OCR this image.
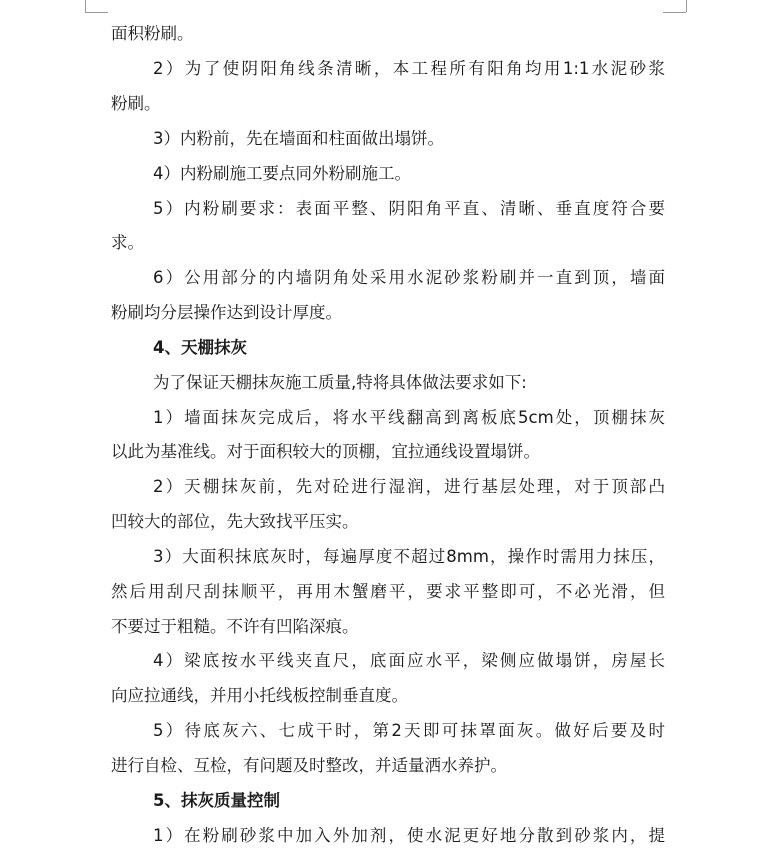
面积粉刷。
2）为了使阴阳角线条清晰，本工程所有阳角均用1:1水泥砂浆
粉刷。
3）内粉前，先在墙面和柱面做出塌饼。
4）内粉刷施工要点同外粉刷施工。
5）内粉刷要求：表面平整、阴阳角平直、清晰、垂直度符合要
求。
6）公用部分的内墙阴角处采用水泥砂浆粉刷并一直到顶，墙面
粉刷均分层操作达到设计厚度。
4、天棚抹灰
为了保证天棚抹灰施工质量,特将具体做法要求如下:
1）墙面抹灰完成后，将水平线翻高到离板底5cm处，顶棚抹灰
以此为基准线。对于面积较大的顶棚，宜拉通线设置塌饼。
2）天棚抹灰前，先对砼进行湿润，进行基层处理，对于顶部凸
凹较大的部位，先大致找平压实。
3）大面积抹底灰时，每遍厚度不超过8mm，操作时需用力抹压，
然后用刮尺刮抹顺平，再用木蟹磨平，要求平整即可，不必光滑，但
不要过于粗糙。不许有凹陷深痕。
4）梁底按水平线夹直尺，底面应水平，梁侧应做塌饼，房屋长
向应拉通线，并用小托线板控制垂直度。
5）待底灰六、七成干时，第2天即可抹罩面灰。做好后要及时
进行自检、互检，有问题及时整改，并适量洒水养护。
5、抹灰质量控制
1）在粉刷砂浆中加入外加剂，使水泥更好地分散到砂浆内，提
